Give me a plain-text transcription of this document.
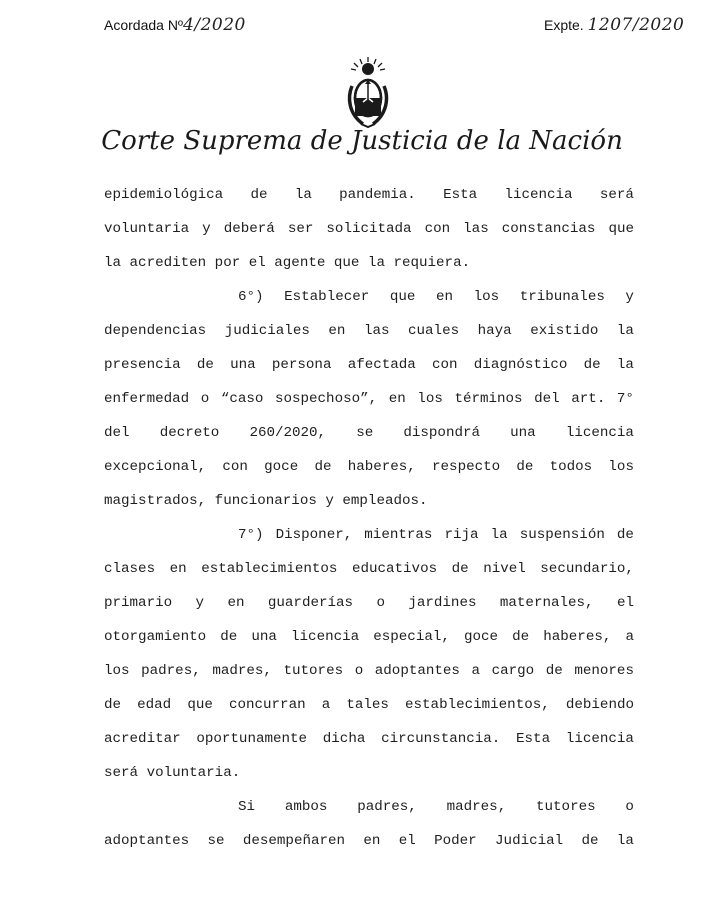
Acordada Nº4/2020	Expte. 1207/2020
Corte Suprema de Justicia de la Nación
epidemiológica de la pandemia. Esta licencia será
voluntaria y deberá ser solicitada con las constancias que
la acrediten por el agente que la requiera.
6°) Establecer que en los tribunales y
dependencias judiciales en las cuales haya existido la
presencia de una persona afectada con diagnóstico de la
enfermedad o “caso sospechoso”, en los términos del art. 7°
del decreto 260/2020, se dispondrá una licencia
excepcional, con goce de haberes, respecto de todos los
magistrados, funcionarios y empleados.
7°) Disponer, mientras rija la suspensión de
clases en establecimientos educativos de nivel secundario,
primario y en guarderías o jardines maternales, el
otorgamiento de una licencia especial, goce de haberes, a
los padres, madres, tutores o adoptantes a cargo de menores
de edad que concurran a tales establecimientos, debiendo
acreditar oportunamente dicha circunstancia. Esta licencia
será voluntaria.
Si ambos padres, madres, tutores o
adoptantes se desempeñaren en el Poder Judicial de la
